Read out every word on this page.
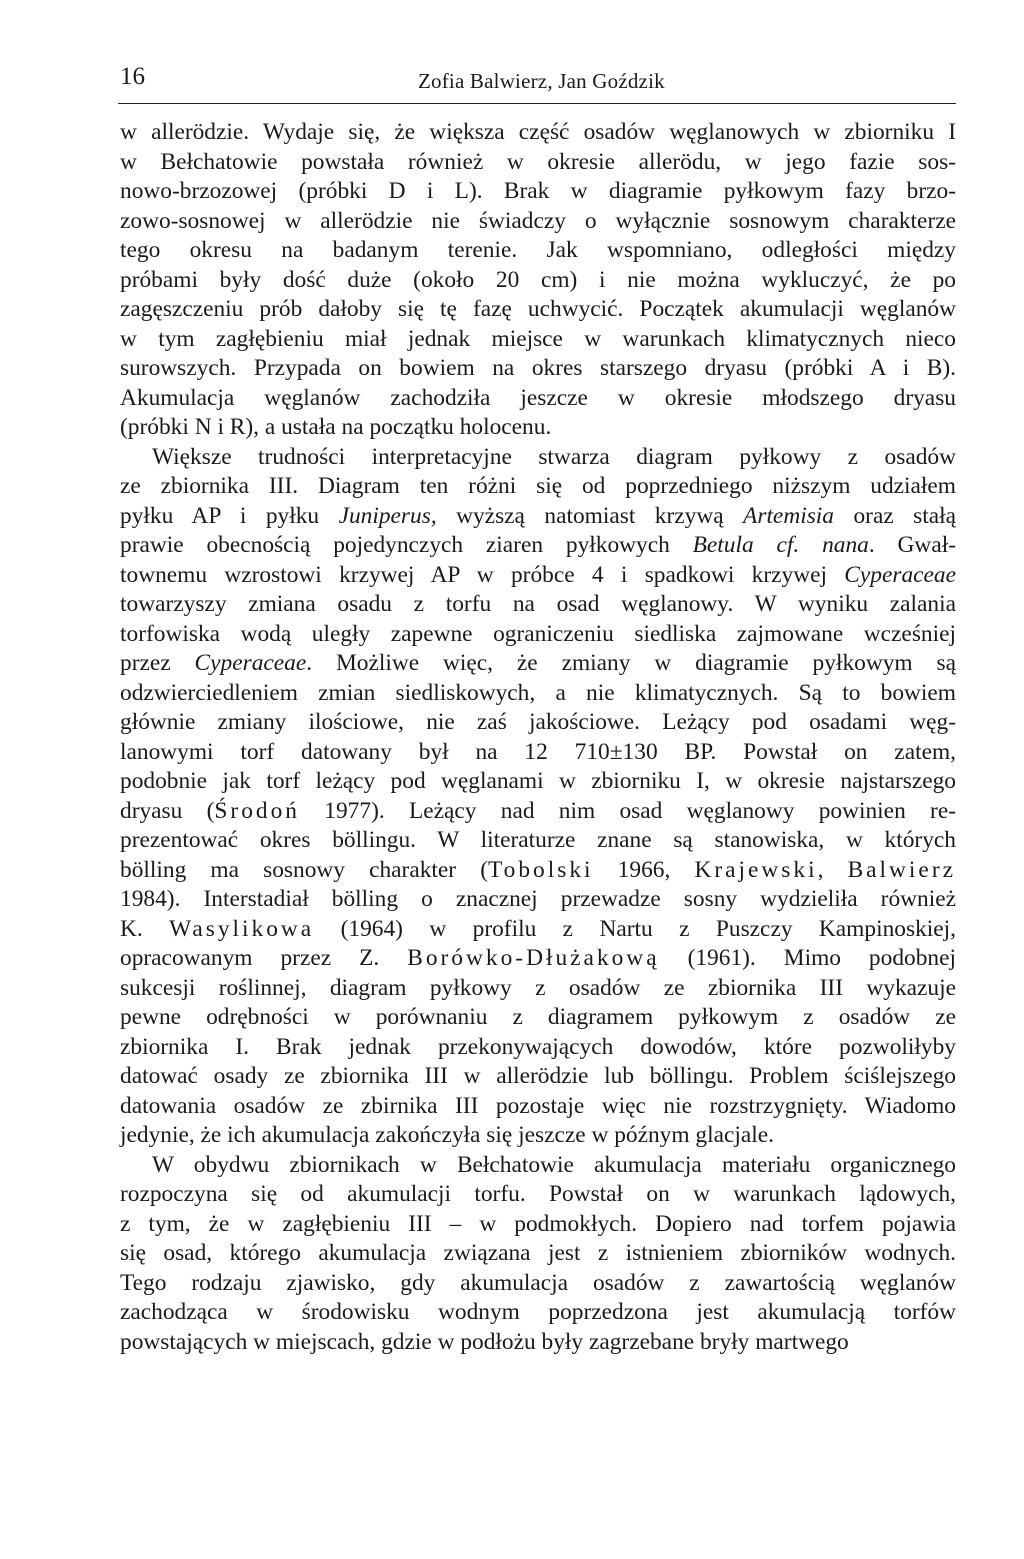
16	Zofia Balwierz, Jan Goździk
w allerödzie. Wydaje się, że większa część osadów węglanowych w zbiorniku I
w Bełchatowie powstała również w okresie allerödu, w jego fazie sos-
nowo-brzozowej (próbki D i L). Brak w diagramie pyłkowym fazy brzo-
zowo-sosnowej w allerödzie nie świadczy o wyłącznie sosnowym charakterze
tego okresu na badanym terenie. Jak wspomniano, odległości między
próbami były dość duże (około 20 cm) i nie można wykluczyć, że po
zagęszczeniu prób dałoby się tę fazę uchwycić. Początek akumulacji węglanów
w tym zagłębieniu miał jednak miejsce w warunkach klimatycznych nieco
surowszych. Przypada on bowiem na okres starszego dryasu (próbki A i B).
Akumulacja węglanów zachodziła jeszcze w okresie młodszego dryasu
(próbki N i R), a ustała na początku holocenu.
Większe trudności interpretacyjne stwarza diagram pyłkowy z osadów
ze zbiornika III. Diagram ten różni się od poprzedniego niższym udziałem
pyłku AP i pyłku Juniperus, wyższą natomiast krzywą Artemisia oraz stałą
prawie obecnością pojedynczych ziaren pyłkowych Betula cf. nana. Gwał-
townemu wzrostowi krzywej AP w próbce 4 i spadkowi krzywej Cyperaceae
towarzyszy zmiana osadu z torfu na osad węglanowy. W wyniku zalania
torfowiska wodą uległy zapewne ograniczeniu siedliska zajmowane wcześniej
przez Cyperaceae. Możliwe więc, że zmiany w diagramie pyłkowym są
odzwierciedleniem zmian siedliskowych, a nie klimatycznych. Są to bowiem
głównie zmiany ilościowe, nie zaś jakościowe. Leżący pod osadami węg-
lanowymi torf datowany był na 12 710±130 BP. Powstał on zatem,
podobnie jak torf leżący pod węglanami w zbiorniku I, w okresie najstarszego
dryasu (Środoń 1977). Leżący nad nim osad węglanowy powinien re-
prezentować okres böllingu. W literaturze znane są stanowiska, w których
bölling ma sosnowy charakter (Tobolski 1966, Krajewski, Balwierz
1984). Interstadiał bölling o znacznej przewadze sosny wydzieliła również
K. Wasylikowa (1964) w profilu z Nartu z Puszczy Kampinoskiej,
opracowanym przez Z. Borówko-Dłużakową (1961). Mimo podobnej
sukcesji roślinnej, diagram pyłkowy z osadów ze zbiornika III wykazuje
pewne odrębności w porównaniu z diagramem pyłkowym z osadów ze
zbiornika I. Brak jednak przekonywających dowodów, które pozwoliłyby
datować osady ze zbiornika III w allerödzie lub böllingu. Problem ściślejszego
datowania osadów ze zbirnika III pozostaje więc nie rozstrzygnięty. Wiadomo
jedynie, że ich akumulacja zakończyła się jeszcze w późnym glacjale.
W obydwu zbiornikach w Bełchatowie akumulacja materiału organicznego
rozpoczyna się od akumulacji torfu. Powstał on w warunkach lądowych,
z tym, że w zagłębieniu III – w podmokłych. Dopiero nad torfem pojawia
się osad, którego akumulacja związana jest z istnieniem zbiorników wodnych.
Tego rodzaju zjawisko, gdy akumulacja osadów z zawartością węglanów
zachodząca w środowisku wodnym poprzedzona jest akumulacją torfów
powstających w miejscach, gdzie w podłożu były zagrzebane bryły martwego
